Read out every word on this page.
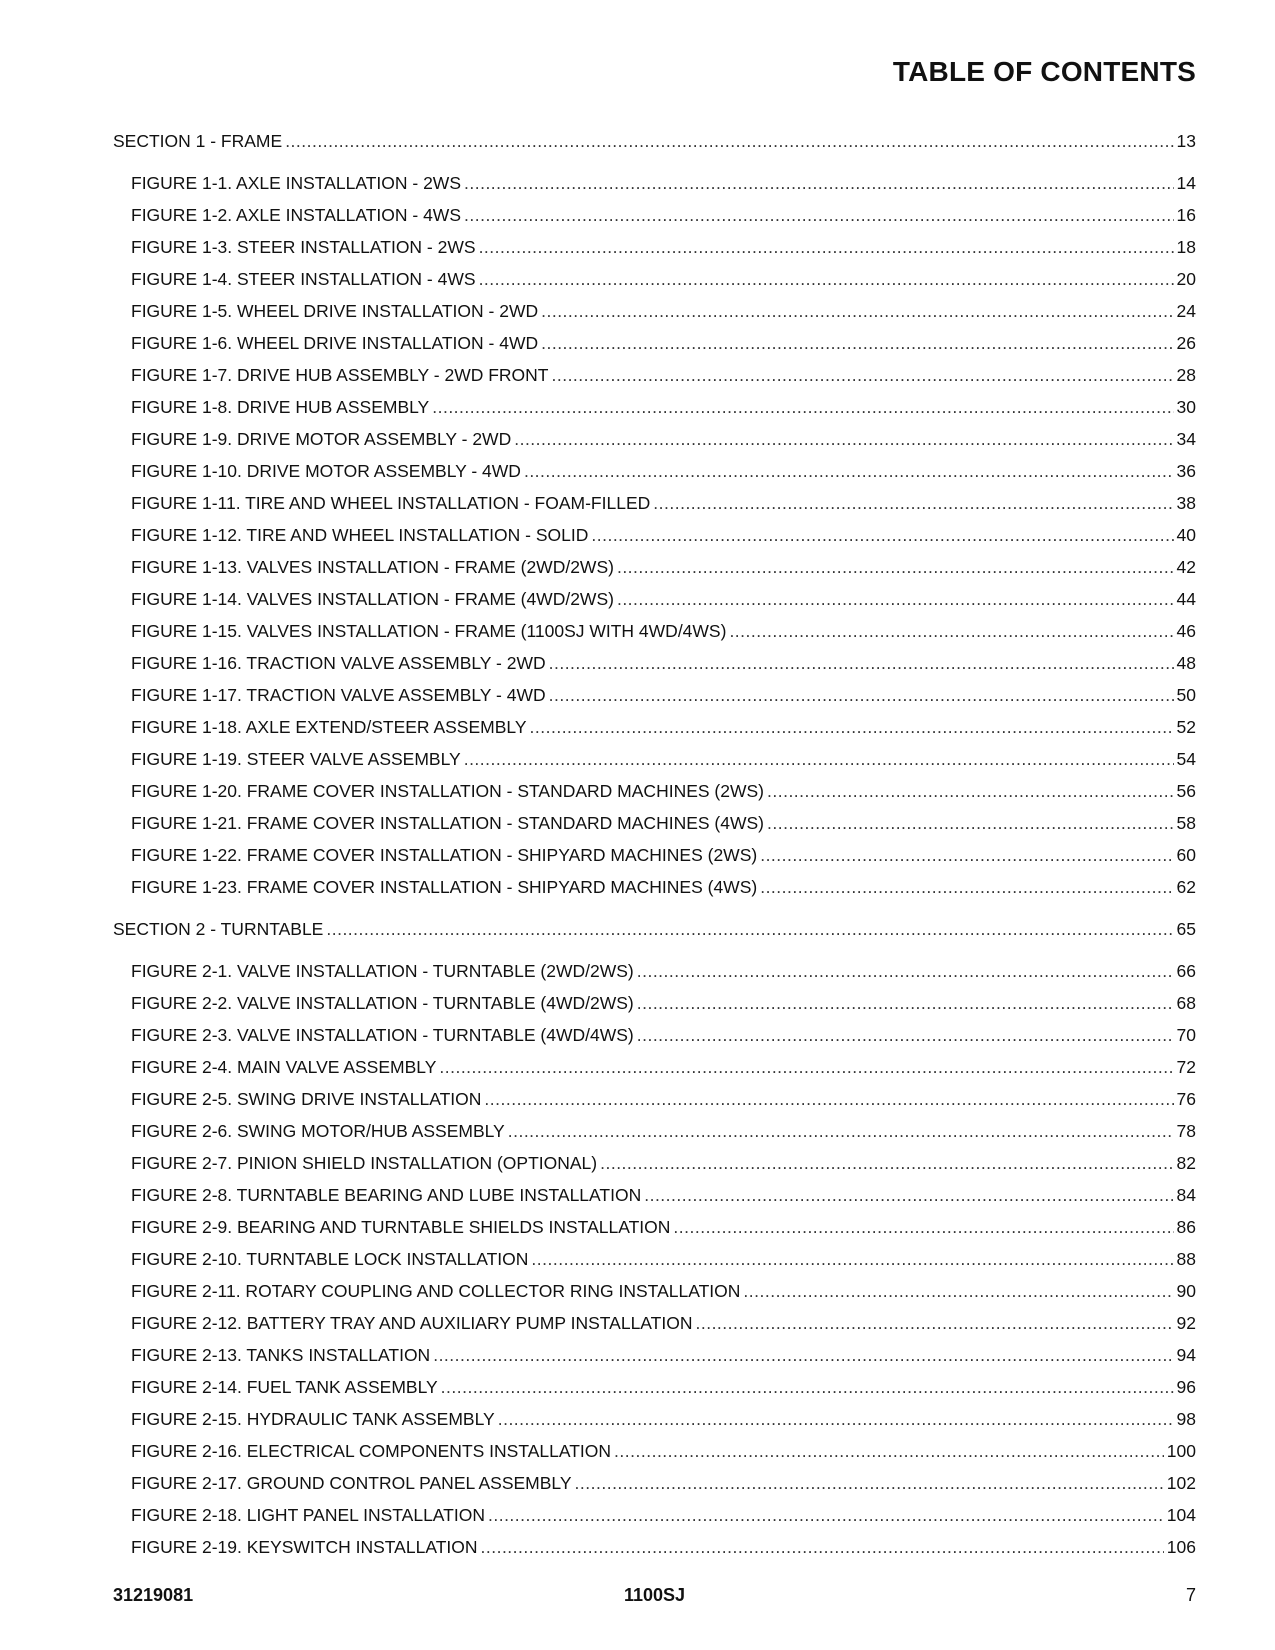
TABLE OF CONTENTS
SECTION 1 - FRAME .....	13
FIGURE 1-1. AXLE INSTALLATION - 2WS .....	14
FIGURE 1-2. AXLE INSTALLATION - 4WS .....	16
FIGURE 1-3. STEER INSTALLATION - 2WS .....	18
FIGURE 1-4. STEER INSTALLATION - 4WS .....	20
FIGURE 1-5. WHEEL DRIVE INSTALLATION - 2WD .....	24
FIGURE 1-6. WHEEL DRIVE INSTALLATION - 4WD .....	26
FIGURE 1-7. DRIVE HUB ASSEMBLY - 2WD FRONT .....	28
FIGURE 1-8. DRIVE HUB ASSEMBLY .....	30
FIGURE 1-9. DRIVE MOTOR ASSEMBLY - 2WD .....	34
FIGURE 1-10. DRIVE MOTOR ASSEMBLY - 4WD .....	36
FIGURE 1-11. TIRE AND WHEEL INSTALLATION - FOAM-FILLED .....	38
FIGURE 1-12. TIRE AND WHEEL INSTALLATION - SOLID .....	40
FIGURE 1-13. VALVES INSTALLATION - FRAME (2WD/2WS) .....	42
FIGURE 1-14. VALVES INSTALLATION - FRAME (4WD/2WS) .....	44
FIGURE 1-15. VALVES INSTALLATION - FRAME (1100SJ WITH 4WD/4WS) .....	46
FIGURE 1-16. TRACTION VALVE ASSEMBLY - 2WD .....	48
FIGURE 1-17. TRACTION VALVE ASSEMBLY - 4WD .....	50
FIGURE 1-18. AXLE EXTEND/STEER ASSEMBLY .....	52
FIGURE 1-19. STEER VALVE ASSEMBLY .....	54
FIGURE 1-20. FRAME COVER INSTALLATION - STANDARD MACHINES (2WS) .....	56
FIGURE 1-21. FRAME COVER INSTALLATION - STANDARD MACHINES (4WS) .....	58
FIGURE 1-22. FRAME COVER INSTALLATION - SHIPYARD MACHINES (2WS) .....	60
FIGURE 1-23. FRAME COVER INSTALLATION - SHIPYARD MACHINES (4WS) .....	62
SECTION 2 - TURNTABLE .....	65
FIGURE 2-1. VALVE INSTALLATION - TURNTABLE (2WD/2WS) .....	66
FIGURE 2-2. VALVE INSTALLATION - TURNTABLE (4WD/2WS) .....	68
FIGURE 2-3. VALVE INSTALLATION - TURNTABLE (4WD/4WS) .....	70
FIGURE 2-4. MAIN VALVE ASSEMBLY .....	72
FIGURE 2-5. SWING DRIVE INSTALLATION .....	76
FIGURE 2-6. SWING MOTOR/HUB ASSEMBLY .....	78
FIGURE 2-7. PINION SHIELD INSTALLATION (OPTIONAL) .....	82
FIGURE 2-8. TURNTABLE BEARING AND LUBE INSTALLATION .....	84
FIGURE 2-9. BEARING AND TURNTABLE SHIELDS INSTALLATION .....	86
FIGURE 2-10. TURNTABLE LOCK INSTALLATION .....	88
FIGURE 2-11. ROTARY COUPLING AND COLLECTOR RING INSTALLATION .....	90
FIGURE 2-12. BATTERY TRAY AND AUXILIARY PUMP INSTALLATION .....	92
FIGURE 2-13. TANKS INSTALLATION .....	94
FIGURE 2-14. FUEL TANK ASSEMBLY .....	96
FIGURE 2-15. HYDRAULIC TANK ASSEMBLY .....	98
FIGURE 2-16. ELECTRICAL COMPONENTS INSTALLATION .....	100
FIGURE 2-17. GROUND CONTROL PANEL ASSEMBLY .....	102
FIGURE 2-18. LIGHT PANEL INSTALLATION .....	104
FIGURE 2-19. KEYSWITCH INSTALLATION .....	106
31219081	1100SJ	7
